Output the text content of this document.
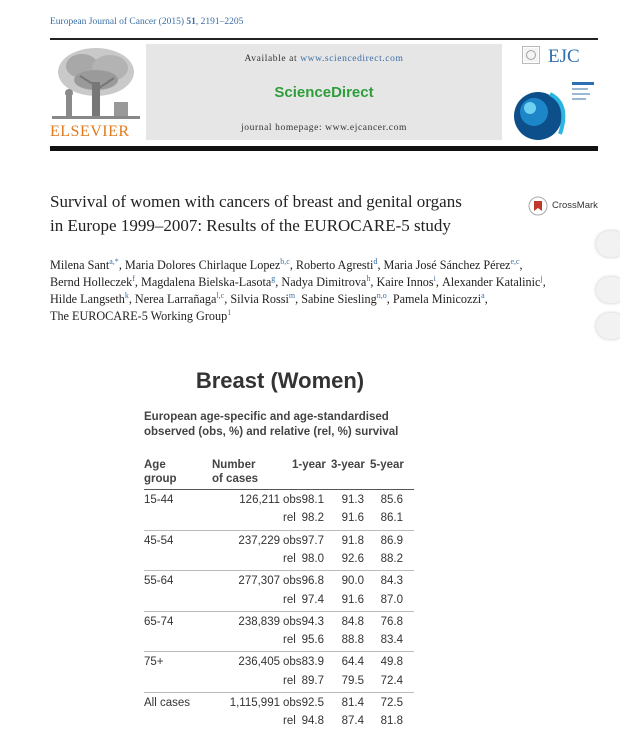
European Journal of Cancer (2015) 51, 2191–2205
ELSEVIER
Available at www.sciencedirect.com
ScienceDirect
journal homepage: www.ejcancer.com
EJC
Survival of women with cancers of breast and genital organs
in Europe 1999–2007: Results of the EUROCARE-5 study
CrossMark
Milena Sant$^{a,*}$, Maria Dolores Chirlaque Lopez$^{b,c}$, Roberto Agresti$^d$, Maria José Sánchez Pérez$^{e,c}$, Bernd Holleczek$^f$, Magdalena Bielska-Lasota$^g$, Nadya Dimitrova$^h$, Kaire Innos$^i$, Alexander Katalinic$^j$, Hilde Langseth$^k$, Nerea Larrañaga$^{l,c}$, Silvia Rossi$^m$, Sabine Siesling$^{n,o}$, Pamela Minicozzi$^a$, The EUROCARE-5 Working Group$^1$
Breast (Women)
European age-specific and age-standardised
observed (obs, %) and relative (rel, %) survival
Age
group
Number
of cases
1-year 3-year 5-year
15-44	126,211 obs 98.1	91.3	85.6
rel 98.2	91.6	86.1
45-54	237,229 obs 97.7	91.8	86.9
rel 98.0	92.6	88.2
55-64	277,307 obs 96.8	90.0	84.3
rel 97.4	91.6	87.0
65-74	238,839 obs 94.3	84.8	76.8
rel 95.6	88.8	83.4
75+	236,405 obs 83.9	64.4	49.8
rel 89.7	79.5	72.4
All cases	1,115,991 obs 92.5	81.4	72.5
rel 94.8	87.4	81.8
